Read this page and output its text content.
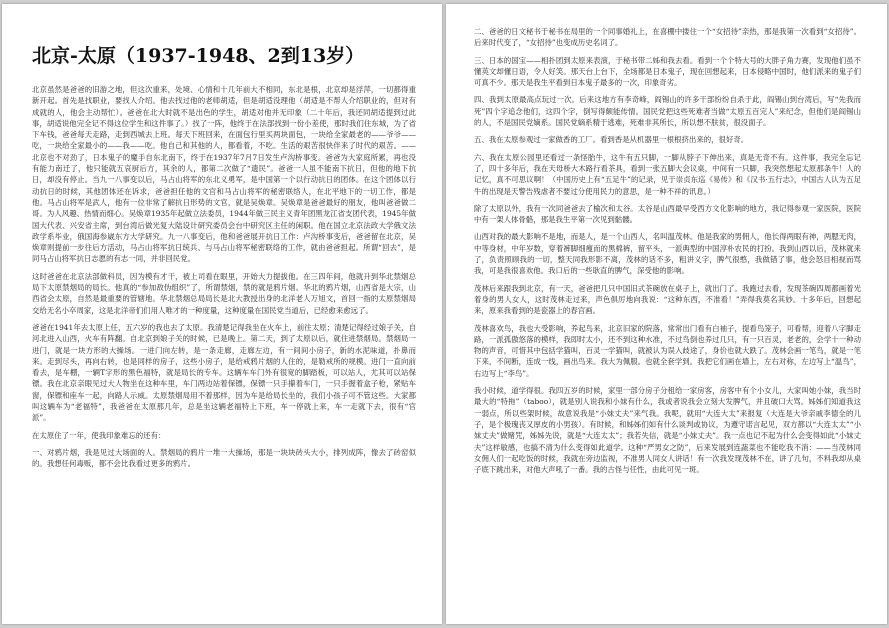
北京-太原（1937-1948、2到13岁）

北京虽然是爸爸的旧游之地，但这次重来，处境、心情和十几年前大不相同，东北是根，北京却是浮萍，一切都得重新开起。首先是找职业，要找人介绍。他去找过他的老师胡适，但是胡适没理他（胡适是不帮人介绍职业的，但对有成就的人，他会主动帮忙）。爸爸在北大时就不是出色的学生，胡适对他并无印象（二十年后，我还同胡适提到过此事，胡适说他完全记不得这位学生和这件事了。）找了一阵，他终于在法部找到一份小差使，那时我们住东城，为了省下车钱，爸爸每天走路，走到西城去上班。每天下班回来，在面包行里买两块面包，一块给全家最老的——爷爷——吃，一块给全家最小的——我——吃。他自己和其他的人，都看着，不吃。生活的艰苦很快伴来了时代的艰苦。——北京也不对劲了，日本鬼子的魔手自东北南下，终于在1937年7月7日发生卢沟桥事变。爸爸为大家庭所累，再也没有能力南迁了，他只能就五哀厨后方，其余的人，都第二次做了“遗民”。爸爸一人虽不能南下抗日，但他的地下抗日，却没有停止。当九一八事变以后，马占山将军的东北义勇军，是中国第一个以行动抗日的团体。在这个团体以行动抗日的时候，其他团体还在诉求，爸爸担任他的文官和马占山将军的秘密联络人，在北平地下的一切工作，都是他。马占山将军是武人，他有一位非常了解抗日形势的文官，就是吴焕章。吴焕章是爸爸最好的朋友，他叫爸爸做二哥。为人风趣、热情而细心。吴焕章1935年起做立法委员，1944年做三民主义青年团黑龙江省支团代表，1945年做国大代表、兴安省主席，到台湾后做光复大陆设计研究委员会台中研究区主任的闲职。他在国立北京法政大学俄文法政学系毕业，俄国海参崴东方大学研究。九一八事变后，他和爸爸展开抗日工作：卢沟桥事变后，爸爸留在北京，吴焕章则提前一步往后方活动，马占山将军抗日统兵、与马占山将军秘密联络的工作，就由爸爸担起。所谓“回去”，是同马占山将军抗日志愿的有志一同，并非回民党。

这时爸爸在北京法部做科员，因为模有才干，被上司看在眼里，开始大力提拔他。在三四年间，他就升到华北禁烟总局下太原禁烟局的局长。他真的“参加敌伪组织”了，所谓禁烟，禁的就是鸦片烟。华北的鸦片烟，山西省是大宗，山西省会太原，自然是最重要的管辖地。华北禁烟总局局长是北大教授出身的北洋老人万旭文，首回一指的太原禁烟局交给无名小卒周家，这是北洋帝们们用人唯才的一种度量，这种度量在国民党当道后，已经愈来愈远了。

爸爸在1941年去太原上任，五六岁的我也去了太原。我清楚记得我坐在火车上，前往太原；清楚记得经过娘子关，自河北进入山西，火车有阵翻。自北京到娘子关的时候，已是晚上。第二天，到了太原以后，就住进禁烟局。禁烟局一进门，就是一块方形的大操场。一进门向左转，是一条走廊，走廊左边，有一间间小房子，新的水泥味道，扑鼻而来。走到尽头，再向右转，也是同样的房子，这些小房子，是给戒鸦片烟的人住的，是勒戒所的规模。进门一直向前看去，是车棚，一辆T字形的黑色福特，就是局长的专车。这辆车车门外有很宽的脚踏板，可以站人，尤其可以站保镖。我在北京亲眼见过大人物坐在这种车里，车门两边站着保镖，保镖一只手攥着车门，一只手握着盒子枪，紧贴车窗，保镖和座车一起，向路人示威。太原禁烟局用不着那样，因为车是给局长坐的，我们小孩子可不管这些。大家都叫这辆车为“老福特”，我爸爸在太原那几年，总是坐这辆老福特上下班，车一停就上来，车一走就下去，很有“官派”。

在太原住了一年，使我印象难忘的还有：

一、对鸦片烟，我是见过大场面的人。禁烟局的鸦片一堆一大操场，那是一块块砖头大小，排列成阵，像去了砖窑似的。我想任何毒贩，都不会比我看过更多的鸦片。

二、爸爸的日文秘书于秘书在局里的一个同事婚礼上，在喜棚中搂住一个“女招待”亲热，那是我第一次看到“女招待”。后来时代变了，“女招待”也变成历史名词了。

三、日本的国宝——相扑团到太原来表演，于秘书带二姊和我去看。看到一个个特大号的大胖子角力赛，发现他们虽不懂英文却懂日语，令人好笑。那天台上台下，全场都是日本鬼子，现在回想起来，日本侵略中国时，他们派来的鬼子们可真不少。那天是我生平看到日本鬼子最多的一次，印象奇劣。

四、我到太原最高点玩过一次。后来这地方有李奇峰，阎锡山的许多干部纷纷自杀于此，阎锡山到台湾后，写“先我而死”四个字追念他们，这四个字，倒写得颇能传情。国民党把这些死难者当做“太原五百完人”来纪念，但他们是阎锡山的人，不是国民党嫡系。国民党嫡系精于逃难，死难非其所长，所以想不肤贫，很没面子。

五、我在太原参观过一家做香的工厂。看到香是从机器里一根根挤出来的，很好奇。

六、我在太原公园里还看过一条怪胎牛，这牛有五只脚，一脚从脖子下伸出来，真是无奇不有。这件事，我完全忘记了，四十多年后，我在天母桥大木路行看茶具，看到一张五脚大会议桌，中间有一只脚，我突然想起太原那条牛！人的记忆，真不可思议啊！（中国历史上有“五足牛”的记录，见于崇贞东巡《易传》和《汉书·五行志》，中国古人认为五足牛的出现是天警告残虐者不要过分使用民力的意思，是一种不祥的讯息。）

除了太原以外，我有一次同爸爸去了榆次和太谷。太谷是山西最早受西方文化影响的地方，我记得参观一家医院，医院中有一架人体骨骼，那是我生平第一次见到骷髅。

山西对我的最大影响不是地，而是人，是一个山西人，名叫温茂林。他是我家的男佣人，他长得两眼有神，两腮无肉，中等身材，中年岁数，穿着裤脚细瘦而的黑棉裤，留平头，一派典型的中国淳朴农民的打扮。我到山西以后，茂林就来了，负责照顾我的一切，整天同我形影不离，茂林的话不多，粗讲义字，脾气很憨，我做错了事，他会怒目相视而骂我，可是我很喜欢他。我口后的一些耿直的脾气，深受他的影响。

茂林后来跟我到北京，有一天，爸爸把几只中国旧式茶碗放在桌子上，就出门了。我跑过去看，发现茶碗四周都画着光着身的男人女人，这时茂林走过来，声色俱厉地向我说：“这种东西，不准看！”弄得我莫名其妙。十多年后，回想起来，原来我看到的是瓷器上的春宫画。

茂林喜欢鸟，我也大受影响，养起鸟来，北京旧家的院落，常常出门看有白袖子，提看鸟笼子，可看帮，迎着八字脚走路，一派孤傲悠落的模样，我即时太小，还不到这种水准，不过鸟倒也养过几只，有一只百灵，老老的，会学十一种动物的声音，可惜其中包括学猫叫，百灵一学猫叫，就被认为误入歧途了，身价也就大跌了。茂林会画一笔鸟，就是一笔下来，不间断，连成一线，画出鸟来。我大为佩服。也就全套学到。我把它们画在墙上，左右对称，左边写上“温鸟”，右边写上“李鸟”。

我小时候，道学得很。我四五岁的时候，家里一部分房子分租给一家房客，房客中有个小女儿，大家叫她小妹，我当时最大的“特拖”（taboo），就是别人说我和小妹有什么，我或者说我会立刻大发脾气，并且破口大骂。姊姊们知道我这一弱点，所以些架时候，故意说我是“小妹丈夫”来气我。我呢，就用“大连大太”来报复（大连是大爷亲戚李德全的儿子，是个极瑰丧又厚皮的小男孩）。有时候，和姊姊们如有什么谈判或协议，为遵守诺言起见，双方都以“大连太太”“小妹丈夫”做赌咒，姊姊先说，就是“大连太太”；我若失信，就是“小妹丈夫”。我一点也记不起为什么会变得如此“小妹丈夫”这样敏感，也搞不清为什么变得如此道学。这种“严男女之防”，后来发展到连蔬菜也不能吃我不消：——当茂林同女佣人们一起吃饭的时候，我就在旁边监视，不准男人同女人讲话！有一次我发现茂林不在，讲了几句，不料我却从桌子底下跳出来，对他大声吼了一番。我的古怪与任性，由此可见一斑。
